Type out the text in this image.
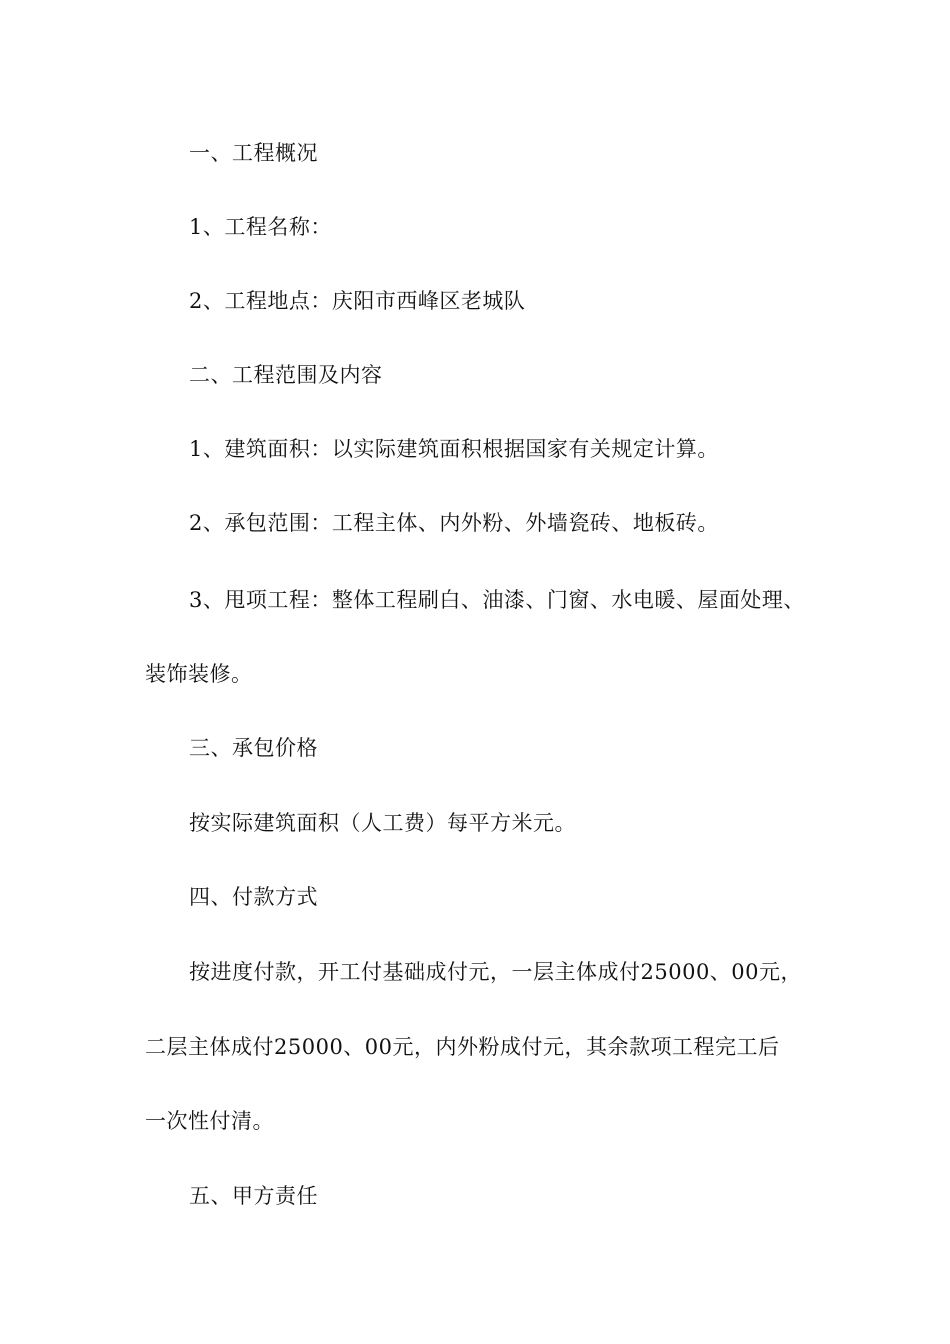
一、工程概况
1、工程名称：
2、工程地点：庆阳市西峰区老城队
二、工程范围及内容
1、建筑面积：以实际建筑面积根据国家有关规定计算。
2、承包范围：工程主体、内外粉、外墙瓷砖、地板砖。
3、甩项工程：整体工程刷白、油漆、门窗、水电暖、屋面处理、
装饰装修。
三、承包价格
按实际建筑面积（人工费）每平方米元。
四、付款方式
按进度付款，开工付基础成付元，一层主体成付25000、00元，
二层主体成付25000、00元，内外粉成付元，其余款项工程完工后
一次性付清。
五、甲方责任
